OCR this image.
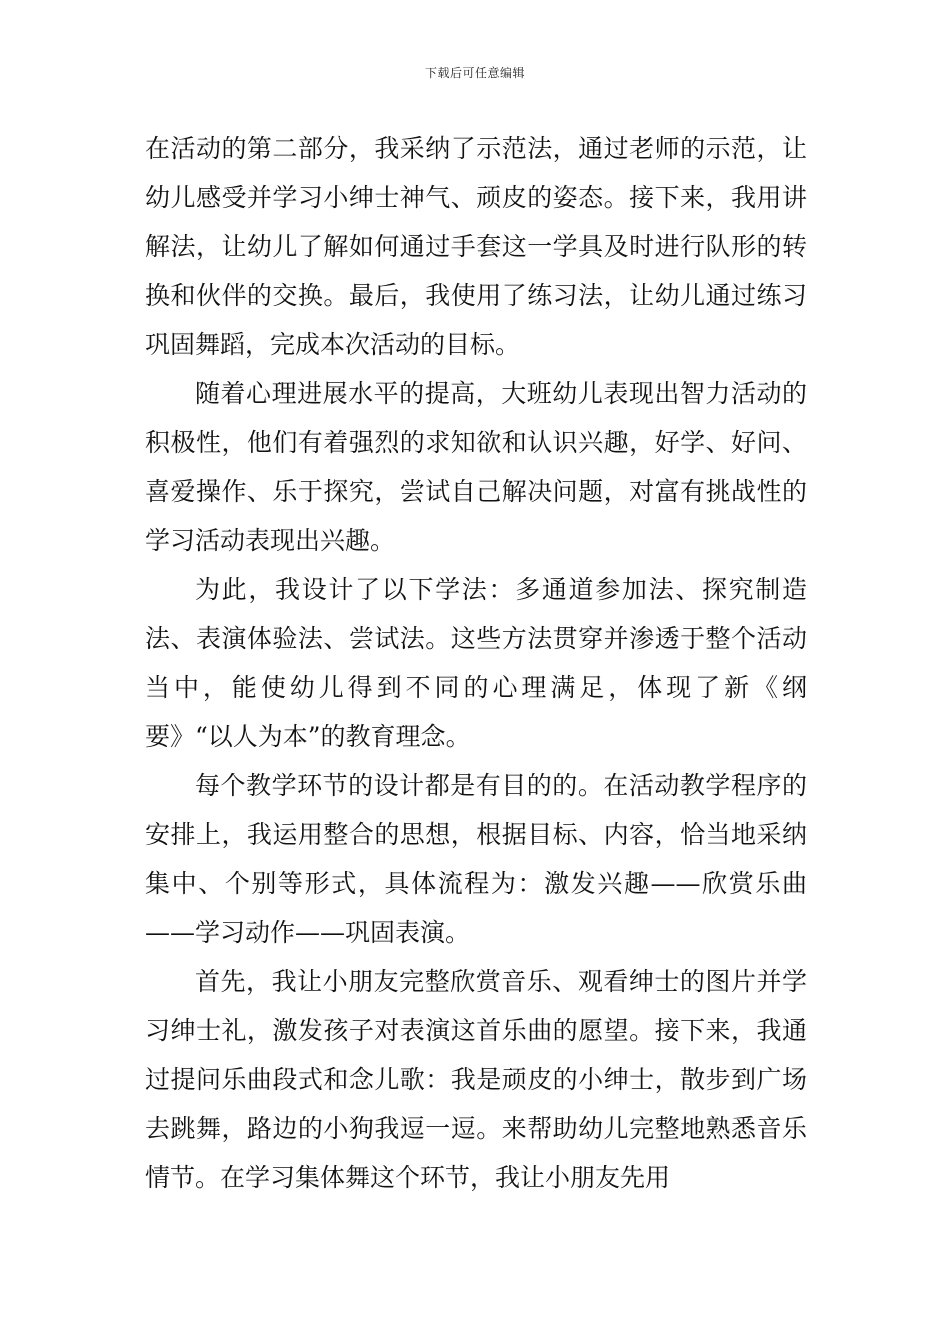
下载后可任意编辑

在活动的第二部分，我采纳了示范法，通过老师的示范，让幼儿感受并学习小绅士神气、顽皮的姿态。接下来，我用讲解法，让幼儿了解如何通过手套这一学具及时进行队形的转换和伙伴的交换。最后，我使用了练习法，让幼儿通过练习巩固舞蹈，完成本次活动的目标。

随着心理进展水平的提高，大班幼儿表现出智力活动的积极性，他们有着强烈的求知欲和认识兴趣，好学、好问、喜爱操作、乐于探究，尝试自己解决问题，对富有挑战性的学习活动表现出兴趣。

为此，我设计了以下学法：多通道参加法、探究制造法、表演体验法、尝试法。这些方法贯穿并渗透于整个活动当中，能使幼儿得到不同的心理满足，体现了新《纲要》“以人为本”的教育理念。

每个教学环节的设计都是有目的的。在活动教学程序的安排上，我运用整合的思想，根据目标、内容，恰当地采纳集中、个别等形式，具体流程为：激发兴趣——欣赏乐曲——学习动作——巩固表演。

首先，我让小朋友完整欣赏音乐、观看绅士的图片并学习绅士礼，激发孩子对表演这首乐曲的愿望。接下来，我通过提问乐曲段式和念儿歌：我是顽皮的小绅士，散步到广场去跳舞，路边的小狗我逗一逗。来帮助幼儿完整地熟悉音乐情节。在学习集体舞这个环节，我让小朋友先用
